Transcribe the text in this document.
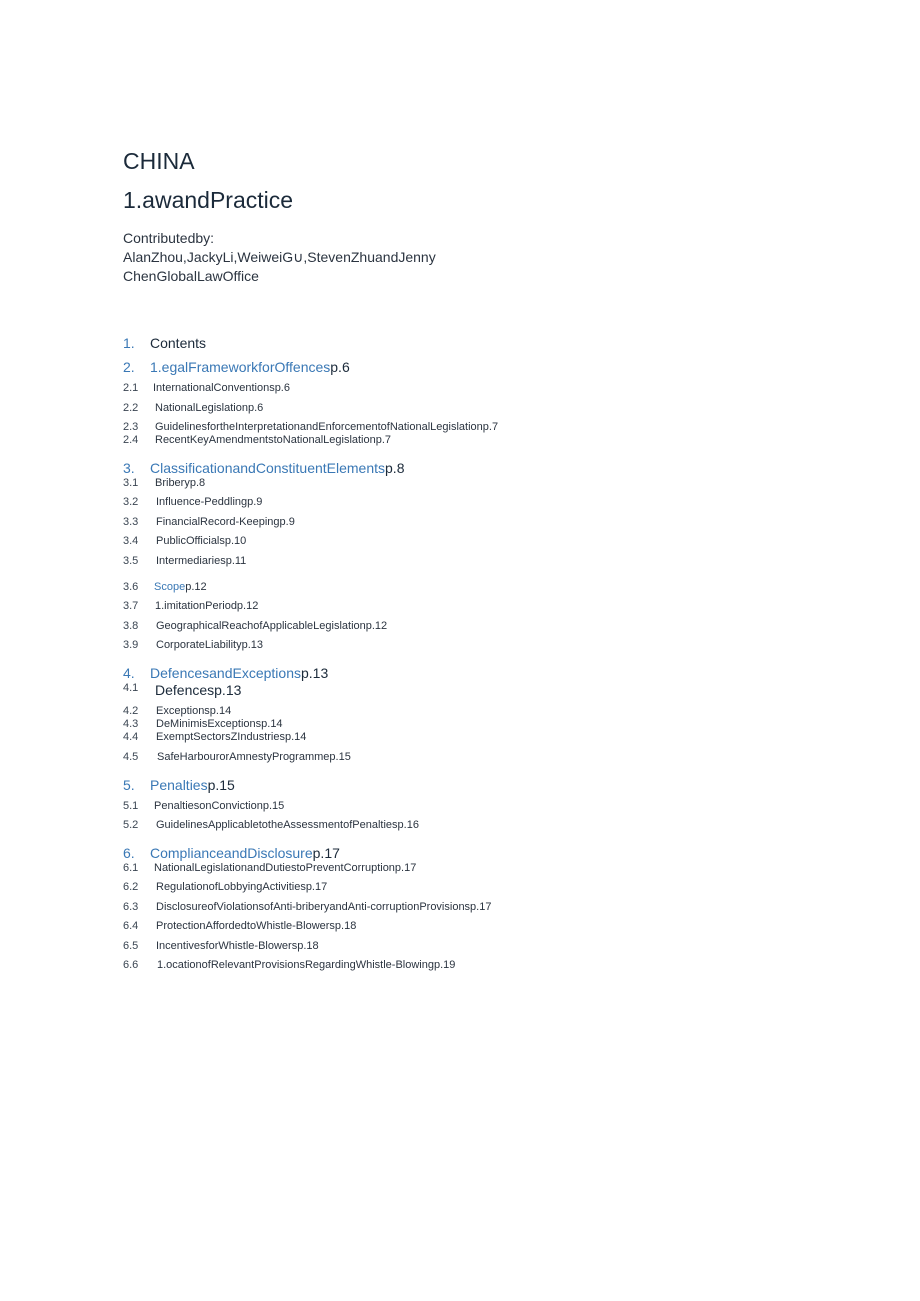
CHINA
1.awandPractice
Contributedby:
AlanZhou,JackyLi,WeiweiG∪,StevenZhuandJenny
ChenGlobalLawOffice
1. Contents
2. 1.egalFrameworkforOffencesp.6
2.1 InternationalConventionsp.6
2.2 NationalLegislationp.6
2.3 GuidelinesfortheInterpretationandEnforcementofNationalLegislationp.7
2.4 RecentKeyAmendmentstoNationalLegislationp.7
3. ClassificationandConstituentElementsp.8
3.1 Briberyp.8
3.2 Influence-Peddlingp.9
3.3 FinancialRecord-Keepingp.9
3.4 PublicOfficialsp.10
3.5 Intermediariesp.11
3.6 Scopep.12
3.7 1.imitationPeriodp.12
3.8 GeographicalReachofApplicableLegislationp.12
3.9 CorporateLiabilityp.13
4. DefencesandExceptionsp.13
4.1 Defencesp.13
4.2 Exceptionsp.14
4.3 DeMinimisExceptionsp.14
4.4 ExemptSectorsZIndustriesp.14
4.5 SafeHarbourorAmnestyProgrammep.15
5. Penaltiesp.15
5.1 PenaltiesonConvictionp.15
5.2 GuidelinesApplicabletotheAssessmentofPenaltiesp.16
6. ComplianceandDisclosurep.17
6.1 NationalLegislationandDutiestoPreventCorruptionp.17
6.2 RegulationofLobbyingActivitiesp.17
6.3 DisclosureofViolationsofAnti-briberyandAnti-corruptionProvisionsp.17
6.4 ProtectionAffordedtoWhistle-Blowersp.18
6.5 IncentivesforWhistle-Blowersp.18
6.6 1.ocationofRelevantProvisionsRegardingWhistle-Blowingp.19
